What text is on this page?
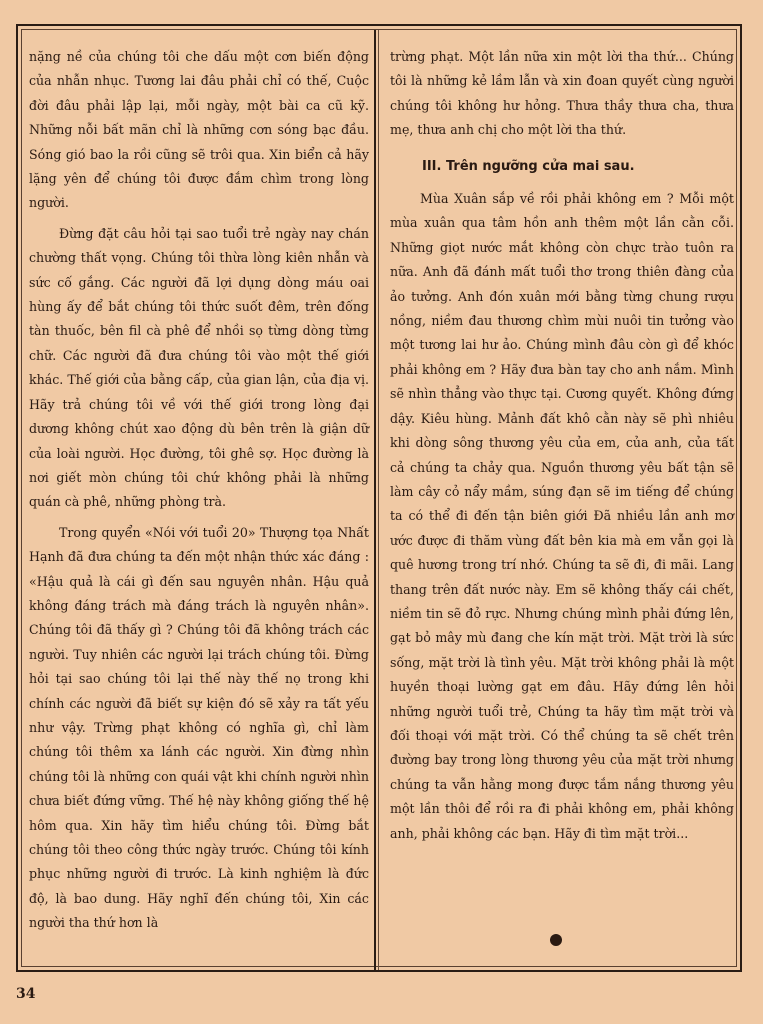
nặng nề của chúng tôi che dấu một cơn biến động của nhẫn nhục. Tương lai đâu phải chỉ có thế, Cuộc đời đâu phải lập lại, mỗi ngày, một bài ca cũ kỹ. Những nỗi bất mãn chỉ là những cơn sóng bạc đầu. Sóng gió bao la rồi cũng sẽ trôi qua. Xin biển cả hãy lặng yên để chúng tôi được đắm chìm trong lòng người.

Đừng đặt câu hỏi tại sao tuổi trẻ ngày nay chán chường thất vọng. Chúng tôi thừa lòng kiên nhẫn và sức cố gắng. Các người đã lợi dụng dòng máu oai hùng ấy để bắt chúng tôi thức suốt đêm, trên đống tàn thuốc, bên fil cà phê để nhồi sọ từng dòng từng chữ. Các người đã đưa chúng tôi vào một thế giới khác. Thế giới của bằng cấp, của gian lận, của địa vị. Hãy trả chúng tôi về với thế giới trong lòng đại dương không chút xao động dù bên trên là giận dữ của loài người. Học đường, tôi ghê sợ. Học đường là nơi giết mòn chúng tôi chứ không phải là những quán cà phê, những phòng trà.

Trong quyển «Nói với tuổi 20» Thượng tọa Nhất Hạnh đã đưa chúng ta đến một nhận thức xác đáng : «Hậu quả là cái gì đến sau nguyên nhân. Hậu quả không đáng trách mà đáng trách là nguyên nhân». Chúng tôi đã thấy gì ? Chúng tôi đã không trách các người. Tuy nhiên các người lại trách chúng tôi. Đừng hỏi tại sao chúng tôi lại thế này thế nọ trong khi chính các người đã biết sự kiện đó sẽ xảy ra tất yếu như vậy. Trừng phạt không có nghĩa gì, chỉ làm chúng tôi thêm xa lánh các người. Xin đừng nhìn chúng tôi là những con quái vật khi chính người nhìn chưa biết đứng vững. Thế hệ này không giống thế hệ hôm qua. Xin hãy tìm hiểu chúng tôi. Đừng bắt chúng tôi theo công thức ngày trước. Chúng tôi kính phục những người đi trước. Là kinh nghiệm là đức độ, là bao dung. Hãy nghĩ đến chúng tôi, Xin các người tha thứ hơn là

trừng phạt. Một lần nữa xin một lời tha thứ... Chúng tôi là những kẻ lầm lẫn và xin đoan quyết cùng người chúng tôi không hư hỏng. Thưa thầy thưa cha, thưa mẹ, thưa anh chị cho một lời tha thứ.

III. Trên ngưỡng cửa mai sau.

Mùa Xuân sắp về rồi phải không em ? Mỗi một mùa xuân qua tâm hồn anh thêm một lần cằn cỗi. Những giọt nước mắt không còn chực trào tuôn ra nữa. Anh đã đánh mất tuổi thơ trong thiên đàng của ảo tưởng. Anh đón xuân mới bằng từng chung rượu nồng, niềm đau thương chìm mùi nuôi tin tưởng vào một tương lai hư ảo. Chúng mình đâu còn gì để khóc phải không em ? Hãy đưa bàn tay cho anh nắm. Mình sẽ nhìn thẳng vào thực tại. Cương quyết. Không đứng dậy. Kiêu hùng. Mảnh đất khô cằn này sẽ phì nhiêu khi dòng sông thương yêu của em, của anh, của tất cả chúng ta chảy qua. Nguồn thương yêu bất tận sẽ làm cây cỏ nẩy mầm, súng đạn sẽ im tiếng để chúng ta có thể đi đến tận biên giới Đã nhiều lần anh mơ ước được đi thăm vùng đất bên kia mà em vẫn gọi là quê hương trong trí nhớ. Chúng ta sẽ đi, đi mãi. Lang thang trên đất nước này. Em sẽ không thấy cái chết, niềm tin sẽ đỏ rực. Nhưng chúng mình phải đứng lên, gạt bỏ mây mù đang che kín mặt trời. Mặt trời là sức sống, mặt trời là tình yêu. Mặt trời không phải là một huyền thoại lường gạt em đâu. Hãy đứng lên hỏi những người tuổi trẻ, Chúng ta hãy tìm mặt trời và đối thoại với mặt trời. Có thể chúng ta sẽ chết trên đường bay trong lòng thương yêu của mặt trời nhưng chúng ta vẫn hằng mong được tắm nắng thương yêu một lần thôi để rồi ra đi phải không em, phải không anh, phải không các bạn. Hãy đi tìm mặt trời...

34
